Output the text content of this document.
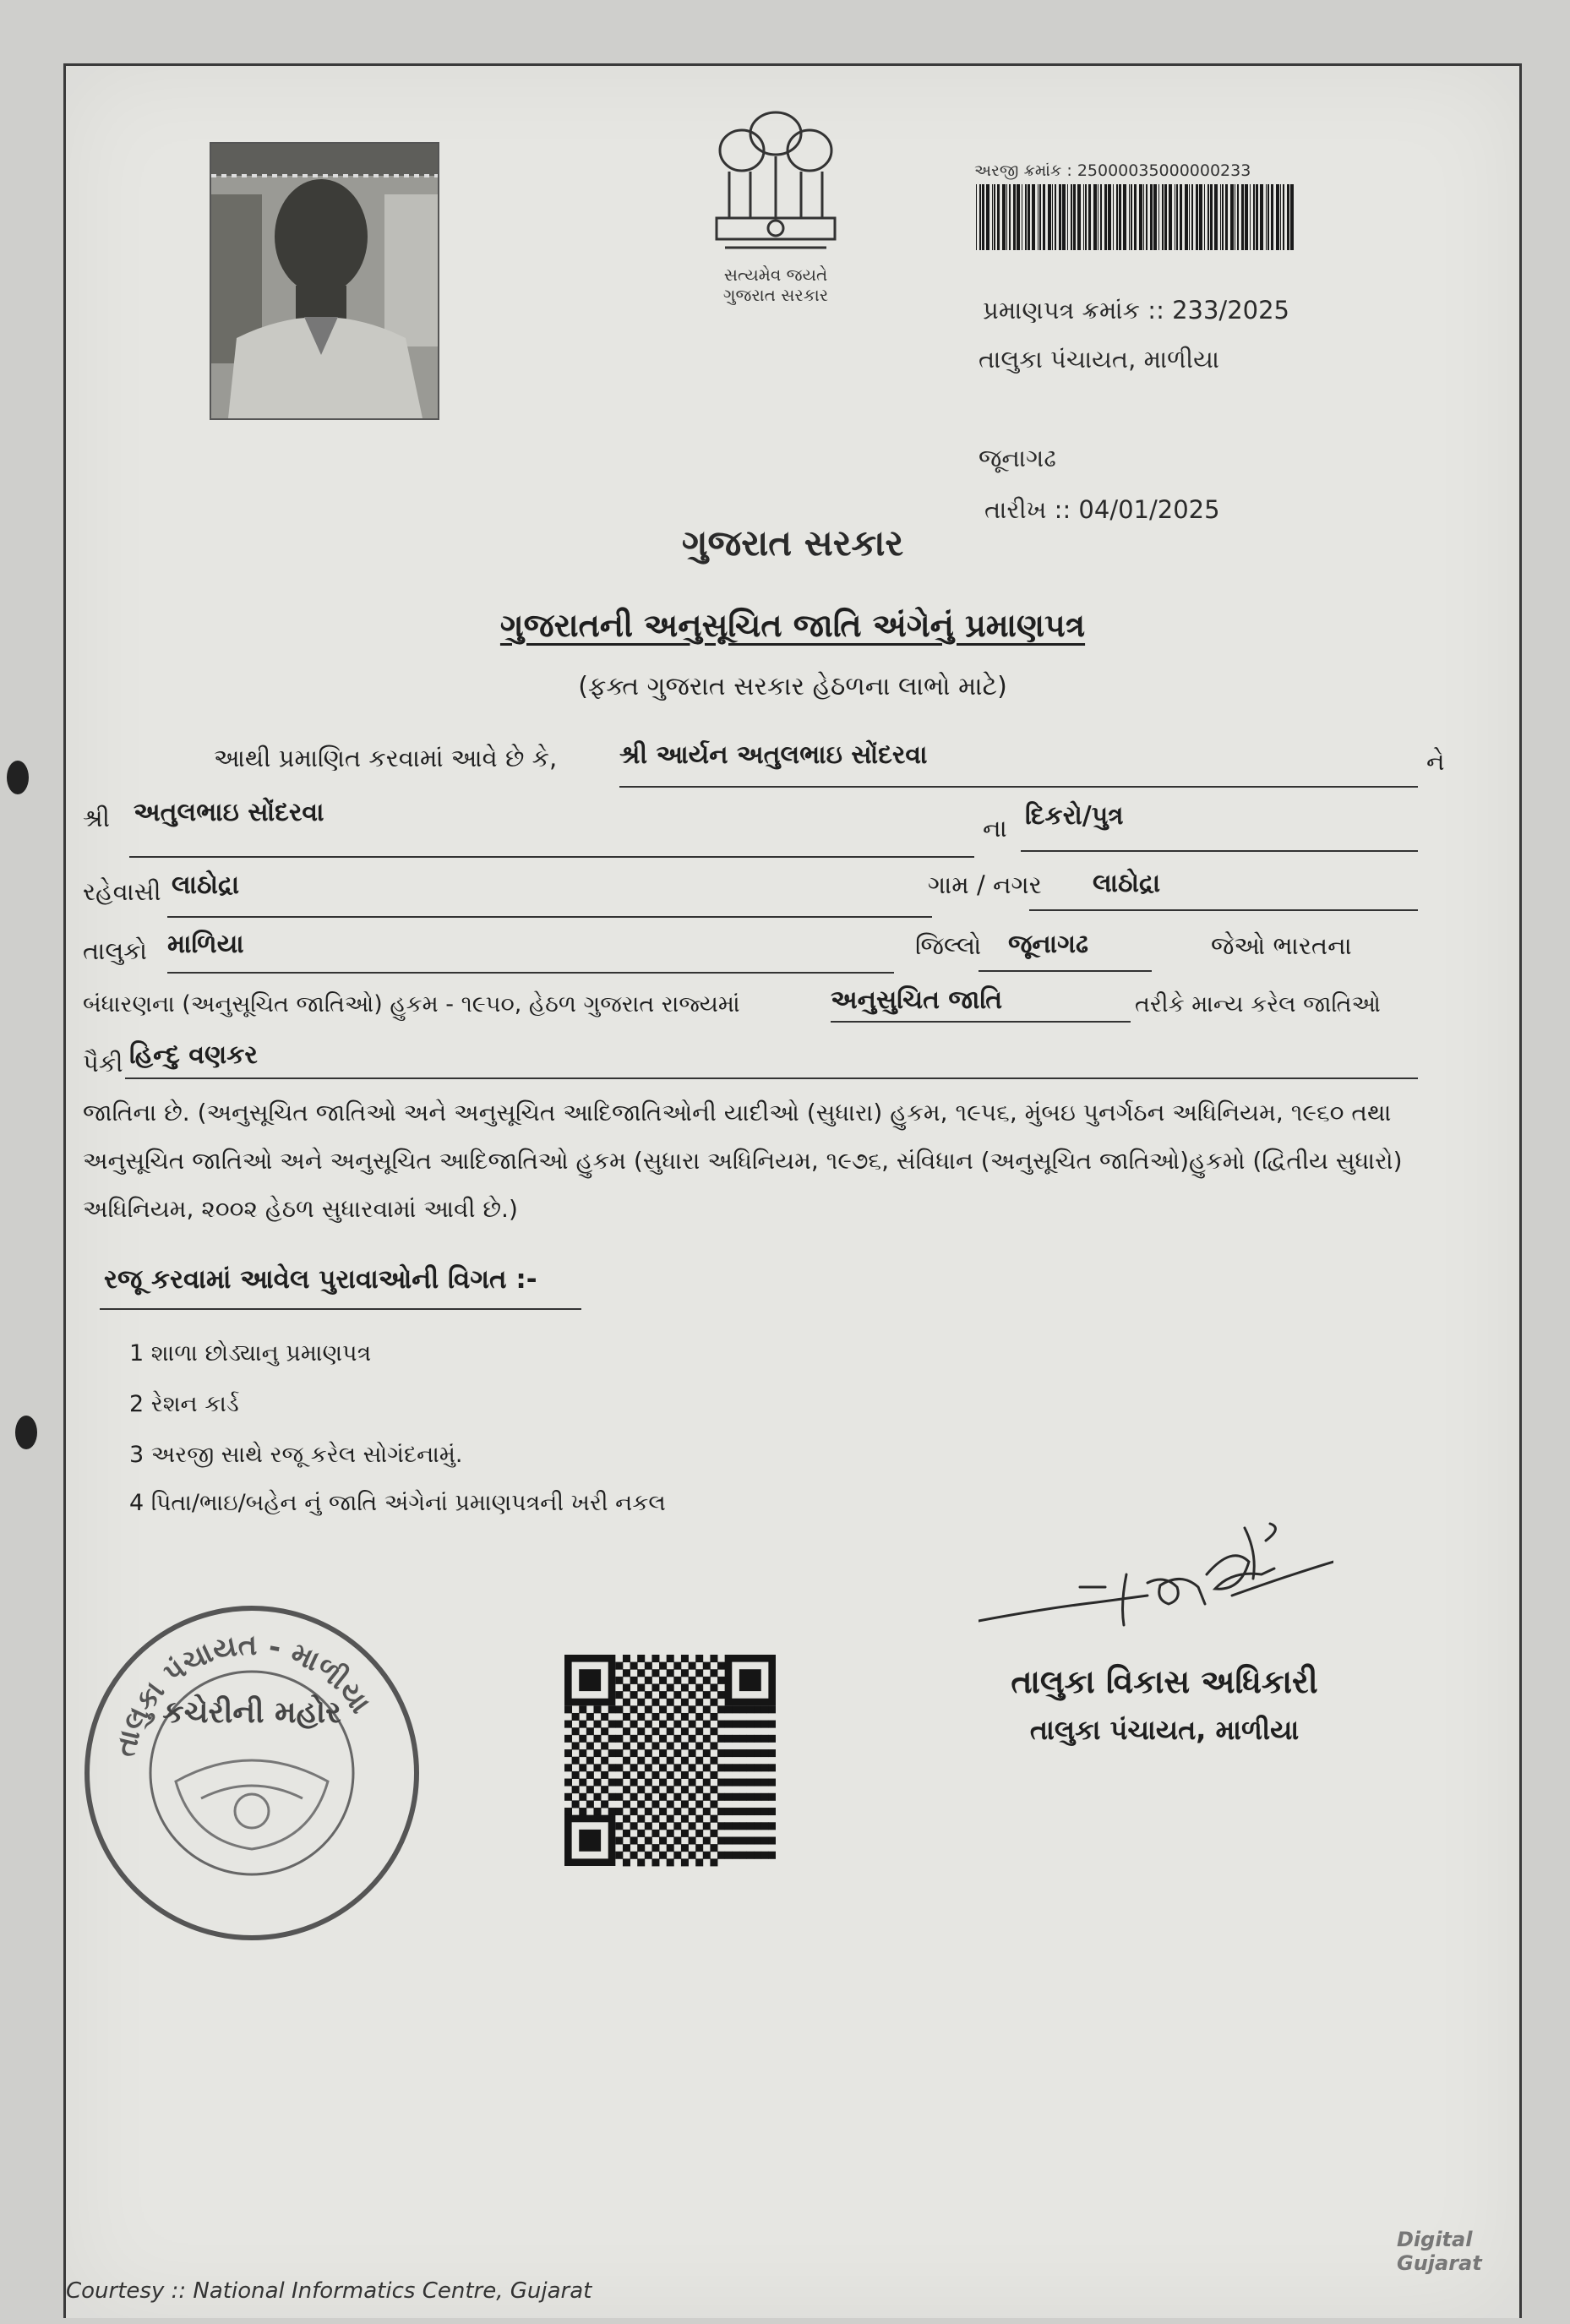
સત્યમેવ જયતે
ગુજરાત સરકાર
અરજી ક્રમાંક : 25000035000000233
પ્રમાણપત્ર ક્રમાંક :: 233/2025
તાલુકા પંચાયત, માળીયા
જૂનાગઢ
તારીખ :: 04/01/2025
ગુજરાત સરકાર
ગુજરાતની અનુસૂચિત જાતિ અંગેનું પ્રમાણપત્ર
(ફક્ત ગુજરાત સરકાર હેઠળના લાભો માટે)
આથી પ્રમાણિત કરવામાં આવે છે કે, શ્રી આર્યન અતુલભાઇ સોંદરવા	ને
શ્રી અતુલભાઇ સોંદરવા
ના દિકરો/પુત્ર
રહેવાસી લાઠોદ્રા	ગામ / નગર લાઠોદ્રા
તાલુકો માળિયા	જિલ્લો જૂનાગઢ	જેઓ ભારતના
બંધારણના (અનુસૂચિત જાતિઓ) હુકમ - ૧૯૫૦, હેઠળ ગુજરાત રાજ્યમાં	અનુસુચિત જાતિ	તરીકે માન્ય કરેલ જાતિઓ
પૈકી હિન્દુ વણકર
જાતિના છે. (અનુસૂચિત જાતિઓ અને અનુસૂચિત આદિજાતિઓની યાદીઓ (સુધારા) હુકમ, ૧૯૫૬, મુંબઇ પુનર્ગઠન અધિનિયમ, ૧૯૬૦ તથા
અનુસૂચિત જાતિઓ અને અનુસૂચિત આદિજાતિઓ હુકમ (સુધારા અધિનિયમ, ૧૯૭૬, સંવિધાન (અનુસૂચિત જાતિઓ)હુકમો (દ્વિતીય સુધારો)
અધિનિયમ, ૨૦૦૨ હેઠળ સુધારવામાં આવી છે.)
રજૂ કરવામાં આવેલ પુરાવાઓની વિગત :-
1 શાળા છોડ્યાનુ પ્રમાણપત્ર
2 રેશન કાર્ડ
3 અરજી સાથે રજૂ કરેલ સોગંદનામું.
4 પિતા/ભાઇ/બહેન નું જાતિ અંગેનાં પ્રમાણપત્રની ખરી નકલ
તાલુકા વિકાસ અધિકારી
તાલુકા પંચાયત, માળીયા
તાલુકા પંચાયત - માળીયા
કચેરીની મહોર
Courtesy :: National Informatics Centre, Gujarat
Digital Gujarat
